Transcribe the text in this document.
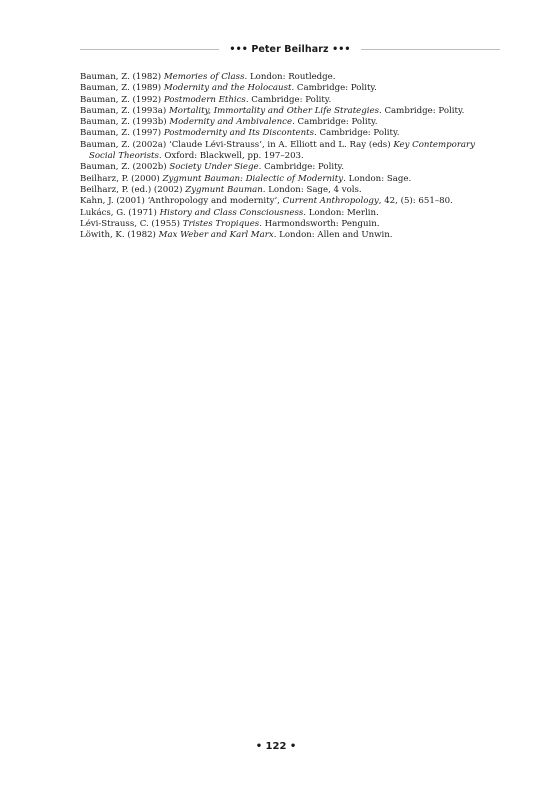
••• Peter Beilharz •••
Bauman, Z. (1982) Memories of Class. London: Routledge.
Bauman, Z. (1989) Modernity and the Holocaust. Cambridge: Polity.
Bauman, Z. (1992) Postmodern Ethics. Cambridge: Polity.
Bauman, Z. (1993a) Mortality, Immortality and Other Life Strategies. Cambridge: Polity.
Bauman, Z. (1993b) Modernity and Ambivalence. Cambridge: Polity.
Bauman, Z. (1997) Postmodernity and Its Discontents. Cambridge: Polity.
Bauman, Z. (2002a) ‘Claude Lévi-Strauss’, in A. Elliott and L. Ray (eds) Key Contemporary Social Theorists. Oxford: Blackwell, pp. 197–203.
Bauman, Z. (2002b) Society Under Siege. Cambridge: Polity.
Beilharz, P. (2000) Zygmunt Bauman: Dialectic of Modernity. London: Sage.
Beilharz, P. (ed.) (2002) Zygmunt Bauman. London: Sage, 4 vols.
Kahn, J. (2001) ‘Anthropology and modernity’, Current Anthropology, 42, (5): 651–80.
Lukács, G. (1971) History and Class Consciousness. London: Merlin.
Lévi-Strauss, C. (1955) Tristes Tropiques. Harmondsworth: Penguin.
Löwith, K. (1982) Max Weber and Karl Marx. London: Allen and Unwin.
• 122 •
